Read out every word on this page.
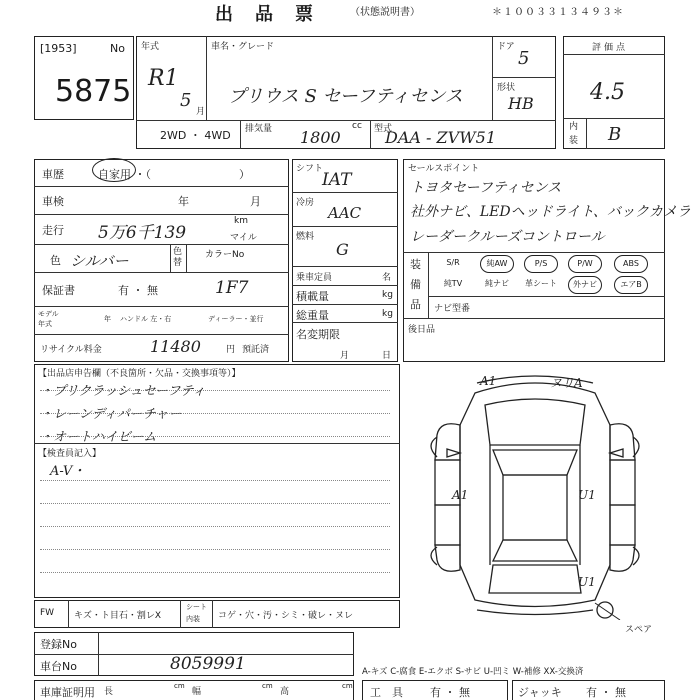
出　品　票	（状態説明書）	＊１００３３１３４９３＊
[1953]	No
5875
年式
R1
5
月
車名・グレード
プリウス S セーフティセンス
ドア
5
形状
HB
2WD ・ 4WD 排気量	cc
1800	型式
DAA - ZVW51
評価点
4.5
内
装 B
車歴	自家用 ・（　　　　　　　　）
車検	年	月
走行 5万6千139
km
マイル
色 シルバー	色替
カラーNo
1F7
保証書	有 ・ 無
モデル
年式
年 ハンドル 左・右	ディーラー・並行
リサイクル料金	11480	円 預託済
シフト
IAT
冷房
AAC
燃料
G
乗車定員	名
積載量	kg
総重量	kg
名変期限
月	日
セールスポイント
トヨタセーフティセンス
社外ナビ、LEDヘッドライト、バックカメラ
レーダークルーズコントロール
装
備
品
S/R	純AW	P/S	P/W	ABS
純TV	純ナビ	革シート	外ナビ	エアB
ナビ型番
後日品
【出品店申告欄（不良箇所・欠品・交換事項等）】
・プリクラッシュセーフティ
・レーンディパーチャー
・オートハイビーム
【検査員記入】
A-V・
A1	ヌリA
A1	U1
U1
スペア
FW キズ・ト目石・割レX
シート
内装 コゲ・穴・汚・シミ・破レ・ヌレ
登録No
車台No	8059991	A-キズ C-腐食 E-エクボ S-サビ U-凹ミ W-補修 XX-交換済
車庫証明用 長
cm
幅
cm
高
cm 工　具 有 ・ 無	ジャッキ 有 ・ 無
